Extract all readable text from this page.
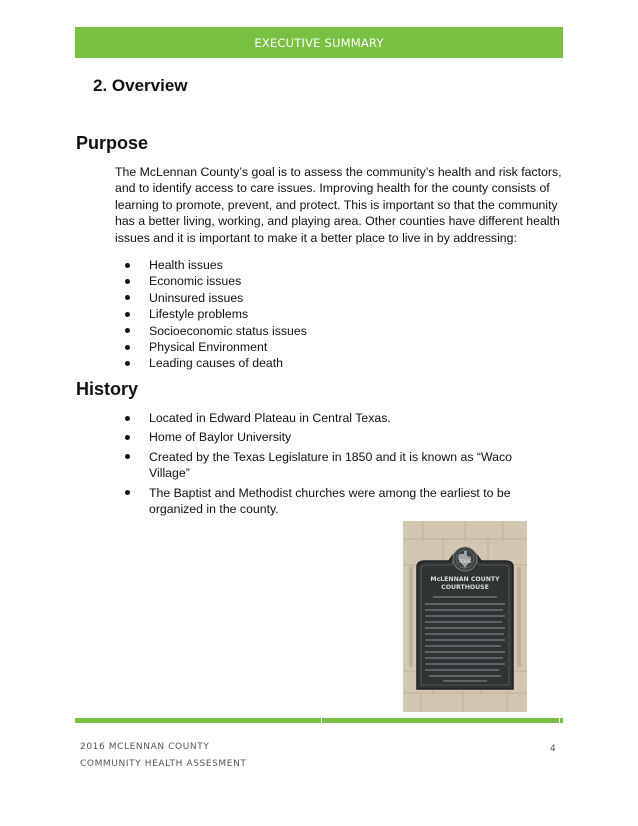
EXECUTIVE SUMMARY
2. Overview
Purpose

The McLennan County’s goal is to assess the community’s health and risk factors, and to identify access to care issues. Improving health for the county consists of learning to promote, prevent, and protect. This is important so that the community has a better living, working, and playing area. Other counties have different health issues and it is important to make it a better place to live in by addressing:

Health issues
Economic issues
Uninsured issues
Lifestyle problems
Socioeconomic status issues
Physical Environment
Leading causes of death
History
Located in Edward Plateau in Central Texas.
Home of Baylor University
Created by the Texas Legislature in 1850 and it is known as “Waco Village”
The Baptist and Methodist churches were among the earliest to be organized in the county.
TEXAS
McLENNAN COUNTY
COURTHOUSE
2016 MCLENNAN COUNTY
COMMUNITY HEALTH ASSESMENT
4
